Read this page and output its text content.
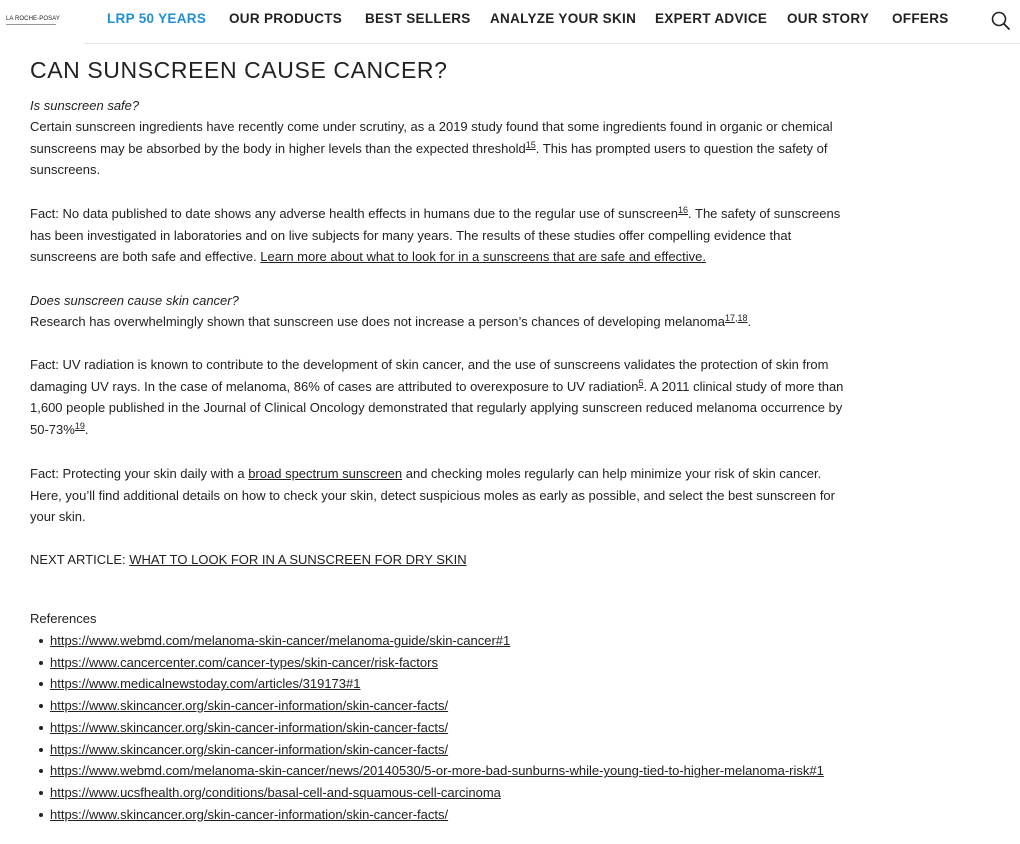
LA ROCHE-POSAY	LRP 50 YEARS OUR PRODUCTS BEST SELLERS ANALYZE YOUR SKIN EXPERT ADVICE OUR STORY OFFERS
CAN SUNSCREEN CAUSE CANCER?

Is sunscreen safe?

Certain sunscreen ingredients have recently come under scrutiny, as a 2019 study found that some ingredients found in organic or chemical sunscreens may be absorbed by the body in higher levels than the expected threshold$^{15}$. This has prompted users to question the safety of sunscreens.

Fact: No data published to date shows any adverse health effects in humans due to the regular use of sunscreen$^{16}$. The safety of sunscreens has been investigated in laboratories and on live subjects for many years. The results of these studies offer compelling evidence that sunscreens are both safe and effective. Learn more about what to look for in a sunscreens that are safe and effective.

Does sunscreen cause skin cancer?

Research has overwhelmingly shown that sunscreen use does not increase a person’s chances of developing melanoma$^{17,18}$.

Fact: UV radiation is known to contribute to the development of skin cancer, and the use of sunscreens validates the protection of skin from damaging UV rays. In the case of melanoma, 86% of cases are attributed to overexposure to UV radiation$^5$. A 2011 clinical study of more than 1,600 people published in the Journal of Clinical Oncology demonstrated that regularly applying sunscreen reduced melanoma occurrence by 50-73%$^{19}$.

Fact: Protecting your skin daily with a broad spectrum sunscreen and checking moles regularly can help minimize your risk of skin cancer. Here, you’ll find additional details on how to check your skin, detect suspicious moles as early as possible, and select the best sunscreen for your skin.

NEXT ARTICLE: WHAT TO LOOK FOR IN A SUNSCREEN FOR DRY SKIN
References
https://www.webmd.com/melanoma-skin-cancer/melanoma-guide/skin-cancer#1
https://www.cancercenter.com/cancer-types/skin-cancer/risk-factors
https://www.medicalnewstoday.com/articles/319173#1
https://www.skincancer.org/skin-cancer-information/skin-cancer-facts/
https://www.skincancer.org/skin-cancer-information/skin-cancer-facts/
https://www.skincancer.org/skin-cancer-information/skin-cancer-facts/
https://www.webmd.com/melanoma-skin-cancer/news/20140530/5-or-more-bad-sunburns-while-young-tied-to-higher-melanoma-risk#1
https://www.ucsfhealth.org/conditions/basal-cell-and-squamous-cell-carcinoma
https://www.skincancer.org/skin-cancer-information/skin-cancer-facts/
